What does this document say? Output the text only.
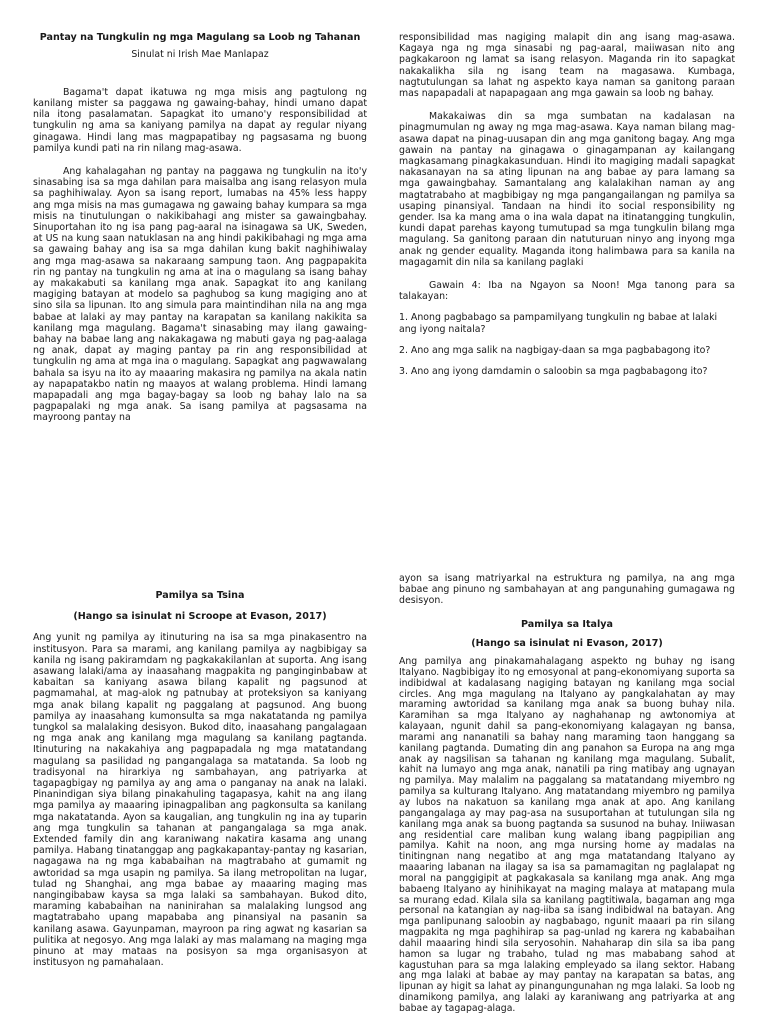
Pantay na Tungkulin ng mga Magulang sa Loob ng Tahanan

Sinulat ni Irish Mae Manlapaz

Bagama't dapat ikatuwa ng mga misis ang pagtulong ng kanilang mister sa paggawa ng gawaing-bahay, hindi umano dapat nila itong pasalamatan. Sapagkat ito umano'y responsibilidad at tungkulin ng ama sa kaniyang pamilya na dapat ay regular niyang ginagawa. Hindi lang mas magpapatibay ng pagsasama ng buong pamilya kundi pati na rin nilang mag-asawa.

Ang kahalagahan ng pantay na paggawa ng tungkulin na ito'y sinasabing isa sa mga dahilan para maisalba ang isang relasyon mula sa paghihiwalay. Ayon sa isang report, lumabas na 45% less happy ang mga misis na mas gumagawa ng gawaing bahay kumpara sa mga misis na tinutulungan o nakikibahagi ang mister sa gawaingbahay. Sinuportahan ito ng isa pang pag-aaral na isinagawa sa UK, Sweden, at US na kung saan natuklasan na ang hindi pakikibahagi ng mga ama sa gawaing bahay ang isa sa mga dahilan kung bakit naghihiwalay ang mga mag-asawa sa nakaraang sampung taon. Ang pagpapakita rin ng pantay na tungkulin ng ama at ina o magulang sa isang bahay ay makakabuti sa kanilang mga anak. Sapagkat ito ang kanilang magiging batayan at modelo sa paghubog sa kung magiging ano at sino sila sa lipunan. Ito ang simula para maintindihan nila na ang mga babae at lalaki ay may pantay na karapatan sa kanilang nakikita sa kanilang mga magulang. Bagama't sinasabing may ilang gawaing-bahay na babae lang ang nakakagawa ng mabuti gaya ng pag-aalaga ng anak, dapat ay maging pantay pa rin ang responsibilidad at tungkulin ng ama at mga ina o magulang. Sapagkat ang pagwawalang bahala sa isyu na ito ay maaaring makasira ng pamilya na akala natin ay napapatakbo natin ng maayos at walang problema. Hindi lamang mapapadali ang mga bagay-bagay sa loob ng bahay lalo na sa pagpapalaki ng mga anak. Sa isang pamilya at pagsasama na mayroong pantay na

responsibilidad mas nagiging malapit din ang isang mag-asawa. Kagaya nga ng mga sinasabi ng pag-aaral, maiiwasan nito ang pagkakaroon ng lamat sa isang relasyon. Maganda rin ito sapagkat nakakalikha sila ng isang team na magasawa. Kumbaga, nagtutulungan sa lahat ng aspekto kaya naman sa ganitong paraan mas napapadali at napapagaan ang mga gawain sa loob ng bahay.

Makakaiwas din sa mga sumbatan na kadalasan na pinagmumulan ng away ng mga mag-asawa. Kaya naman bilang mag-asawa dapat na pinag-uusapan din ang mga ganitong bagay. Ang mga gawain na pantay na ginagawa o ginagampanan ay kailangang magkasamang pinagkakasunduan. Hindi ito magiging madali sapagkat nakasanayan na sa ating lipunan na ang babae ay para lamang sa mga gawaingbahay. Samantalang ang kalalakihan naman ay ang magtatrabaho at magbibigay ng mga pangangailangan ng pamilya sa usaping pinansiyal. Tandaan na hindi ito social responsibility ng gender. Isa ka mang ama o ina wala dapat na itinatangging tungkulin, kundi dapat parehas kayong tumutupad sa mga tungkulin bilang mga magulang. Sa ganitong paraan din natuturuan ninyo ang inyong mga anak ng gender equality. Maganda itong halimbawa para sa kanila na magagamit din nila sa kanilang paglaki

Gawain 4: Iba na Ngayon sa Noon! Mga tanong para sa talakayan:

1. Anong pagbabago sa pampamilyang tungkulin ng babae at lalaki ang iyong naitala?

2. Ano ang mga salik na nagbigay-daan sa mga pagbabagong ito?

3. Ano ang iyong damdamin o saloobin sa mga pagbabagong ito?

Pamilya sa Tsina

(Hango sa isinulat ni Scroope at Evason, 2017)

Ang yunit ng pamilya ay itinuturing na isa sa mga pinakasentro na institusyon. Para sa marami, ang kanilang pamilya ay nagbibigay sa kanila ng isang pakiramdam ng pagkakakilanlan at suporta. Ang isang asawang lalaki/ama ay inaasahang magpakita ng panginginbabaw at kabaitan sa kaniyang asawa bilang kapalit ng pagsunod at pagmamahal, at mag-alok ng patnubay at proteksiyon sa kaniyang mga anak bilang kapalit ng paggalang at pagsunod. Ang buong pamilya ay inaasahang kumonsulta sa mga nakatatanda ng pamilya tungkol sa malalaking desisyon. Bukod dito, inaasahang pangalagaan ng mga anak ang kanilang mga magulang sa kanilang pagtanda. Itinuturing na nakakahiya ang pagpapadala ng mga matatandang magulang sa pasilidad ng pangangalaga sa matatanda. Sa loob ng tradisyonal na hirarkiya ng sambahayan, ang patriyarka at tagapagbigay ng pamilya ay ang ama o panganay na anak na lalaki. Pinanindigan siya bilang pinakahuling tagapasya, kahit na ang ilang mga pamilya ay maaaring ipinagpaliban ang pagkonsulta sa kanilang mga nakatatanda. Ayon sa kaugalian, ang tungkulin ng ina ay tuparin ang mga tungkulin sa tahanan at pangangalaga sa mga anak. Extended family din ang karaniwang nakatira kasama ang unang pamilya. Habang tinatanggap ang pagkakapantay-pantay ng kasarian, nagagawa na ng mga kababaihan na magtrabaho at gumamit ng awtoridad sa mga usapin ng pamilya. Sa ilang metropolitan na lugar, tulad ng Shanghai, ang mga babae ay maaaring maging mas nangingibabaw kaysa sa mga lalaki sa sambahayan. Bukod dito, maraming kababaihan na naninirahan sa malalaking lungsod ang magtatrabaho upang mapababa ang pinansiyal na pasanin sa kanilang asawa. Gayunpaman, mayroon pa ring agwat ng kasarian sa pulitika at negosyo. Ang mga lalaki ay mas malamang na maging mga pinuno at may mataas na posisyon sa mga organisasyon at institusyon ng pamahalaan.

ayon sa isang matriyarkal na estruktura ng pamilya, na ang mga babae ang pinuno ng sambahayan at ang pangunahing gumagawa ng desisyon.

Pamilya sa Italya

(Hango sa isinulat ni Evason, 2017)

Ang pamilya ang pinakamahalagang aspekto ng buhay ng isang Italyano. Nagbibigay ito ng emosyonal at pang-ekonomiyang suporta sa indibidwal at kadalasang nagiging batayan ng kanilang mga social circles. Ang mga magulang na Italyano ay pangkalahatan ay may maraming awtoridad sa kanilang mga anak sa buong buhay nila. Karamihan sa mga Italyano ay naghahanap ng awtonomiya at kalayaan, ngunit dahil sa pang-ekonomiyang kalagayan ng bansa, marami ang nananatili sa bahay nang maraming taon hanggang sa kanilang pagtanda. Dumating din ang panahon sa Europa na ang mga anak ay nagsilisan sa tahanan ng kanilang mga magulang. Subalit, kahit na lumayo ang mga anak, nanatili pa ring matibay ang ugnayan ng pamilya. May malalim na paggalang sa matatandang miyembro ng pamilya sa kulturang Italyano. Ang matatandang miyembro ng pamilya ay lubos na nakatuon sa kanilang mga anak at apo. Ang kanilang pangangalaga ay may pag-asa na susuportahan at tutulungan sila ng kanilang mga anak sa buong pagtanda sa susunod na buhay. Iniiwasan ang residential care maliban kung walang ibang pagpipilian ang pamilya. Kahit na noon, ang mga nursing home ay madalas na tinitingnan nang negatibo at ang mga matatandang Italyano ay maaaring labanan na ilagay sa isa sa pamamagitan ng paglalapat ng moral na panggigipit at pagkakasala sa kanilang mga anak. Ang mga babaeng Italyano ay hinihikayat na maging malaya at matapang mula sa murang edad. Kilala sila sa kanilang pagtitiwala, bagaman ang mga personal na katangian ay nag-iiba sa isang indibidwal na batayan. Ang mga panlipunang saloobin ay nagbabago, ngunit maaari pa rin silang magpakita ng mga paghihirap sa pag-unlad ng karera ng kababaihan dahil maaaring hindi sila seryosohin. Nahaharap din sila sa iba pang hamon sa lugar ng trabaho, tulad ng mas mababang sahod at kagustuhan para sa mga lalaking empleyado sa ilang sektor. Habang ang mga lalaki at babae ay may pantay na karapatan sa batas, ang lipunan ay higit sa lahat ay pinangungunahan ng mga lalaki. Sa loob ng dinamikong pamilya, ang lalaki ay karaniwang ang patriyarka at ang babae ay tagapag-alaga.
